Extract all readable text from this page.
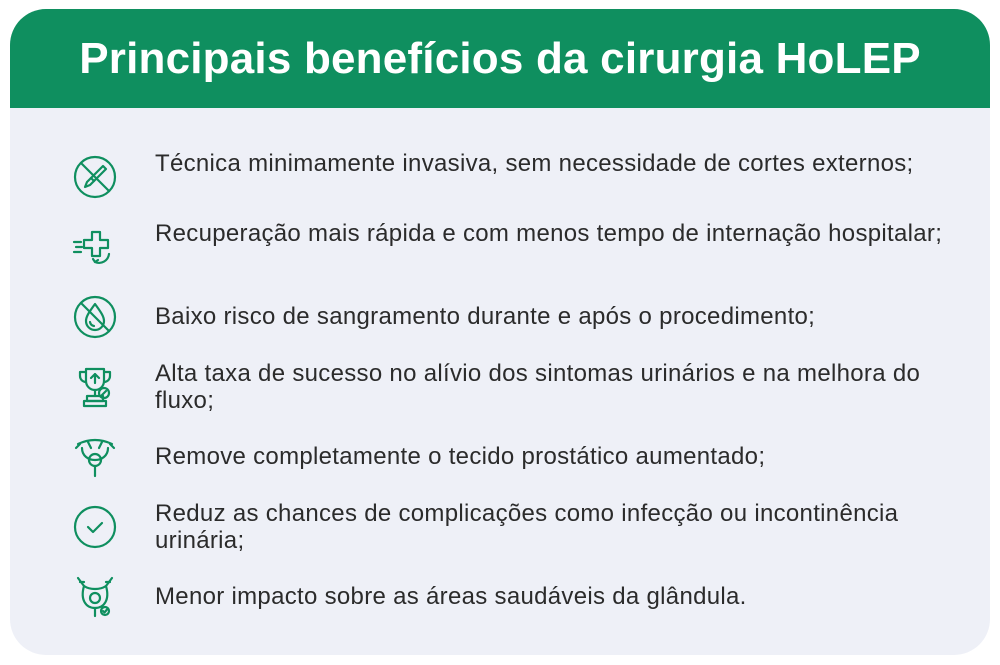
Principais benefícios da cirurgia HoLEP
Técnica minimamente invasiva, sem necessidade de cortes externos;
Recuperação mais rápida e com menos tempo de internação hospitalar;
Baixo risco de sangramento durante e após o procedimento;
Alta taxa de sucesso no alívio dos sintomas urinários e na melhora do fluxo;
Remove completamente o tecido prostático aumentado;
Reduz as chances de complicações como infecção ou incontinência urinária;
Menor impacto sobre as áreas saudáveis da glândula.
